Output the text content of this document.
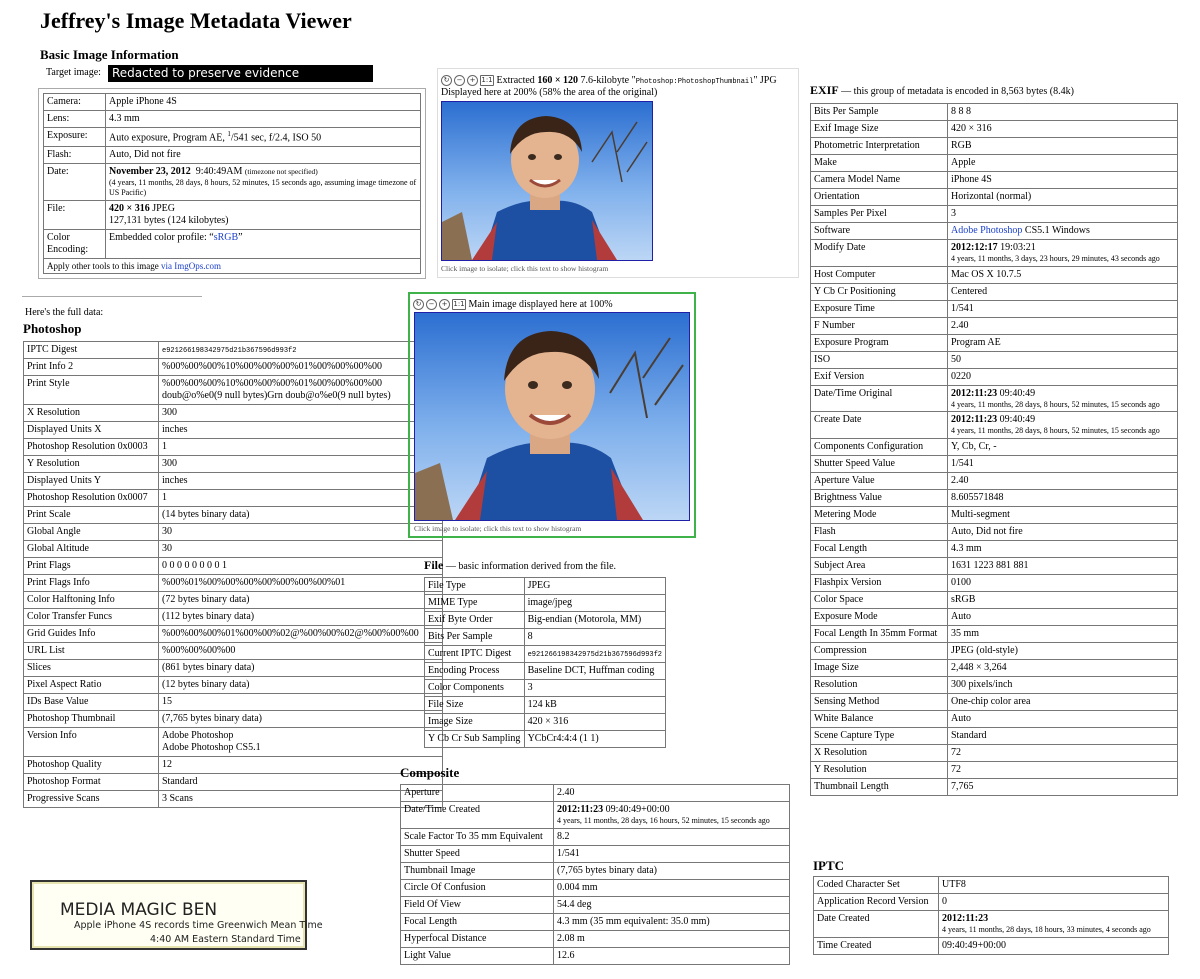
Jeffrey's Image Metadata Viewer
Basic Image Information
Target image: Redacted to preserve evidence
Camera:	Apple iPhone 4S
Lens:	4.3 mm
Exposure:	Auto exposure, Program AE, $^1$/541 sec, f/2.4, ISO 50
Flash:	Auto, Did not fire
Date:	November 23, 2012 9:40:49AM (timezone not specified)
(4 years, 11 months, 28 days, 8 hours, 52 minutes, 15 seconds ago, assuming image timezone of US Pacific)

File:	420 × 316 JPEG
127,131 bytes (124 kilobytes)
Color Encoding:	Embedded color profile: “sRGB”
Apply other tools to this image via ImgOps.com	
Here's the full data:
Photoshop
IPTC Digest	e921266198342975d21b367596d993f2
Print Info 2	%00%00%00%10%00%00%00%01%00%00%00%00
Print Style	%00%00%00%10%00%00%00%01%00%00%00%00
doub@o%e0(9 null bytes)Grn doub@o%e0(9 null bytes)
X Resolution	300
Displayed Units X	inches
Photoshop Resolution 0x0003	1
Y Resolution	300
Displayed Units Y	inches
Photoshop Resolution 0x0007	1
Print Scale	(14 bytes binary data)
Global Angle	30
Global Altitude	30
Print Flags	0 0 0 0 0 0 0 0 1
Print Flags Info	%00%01%00%00%00%00%00%00%00%01
Color Halftoning Info	(72 bytes binary data)
Color Transfer Funcs	(112 bytes binary data)
Grid Guides Info	%00%00%00%01%00%00%02@%00%00%02@%00%00%00
URL List	%00%00%00%00
Slices	(861 bytes binary data)
Pixel Aspect Ratio	(12 bytes binary data)
IDs Base Value	15
Photoshop Thumbnail	(7,765 bytes binary data)
Version Info	Adobe Photoshop
Adobe Photoshop CS5.1
Photoshop Quality	12
Photoshop Format	Standard
Progressive Scans	3 Scans
↻	−	+ 1:1 Extracted 160 × 120 7.6-kilobyte "Photoshop:PhotoshopThumbnail" JPG
Displayed here at 200% (58% the area of the original)
Click image to isolate; click this text to show histogram
↻	−	+ 1:1 Main image displayed here at 100%
Click image to isolate; click this text to show histogram
File — basic information derived from the file.
File Type	JPEG
MIME Type	image/jpeg
Exif Byte Order	Big-endian (Motorola, MM)
Bits Per Sample	8
Current IPTC Digest	e921266198342975d21b367596d993f2
Encoding Process	Baseline DCT, Huffman coding
Color Components	3
File Size	124 kB
Image Size	420 × 316
Y Cb Cr Sub Sampling	YCbCr4:4:4 (1 1)
Composite
Aperture	2.40
Date/Time Created	2012:11:23 09:40:49+00:00
4 years, 11 months, 28 days, 16 hours, 52 minutes, 15 seconds ago

Scale Factor To 35 mm Equivalent	8.2
Shutter Speed	1/541
Thumbnail Image	(7,765 bytes binary data)
Circle Of Confusion	0.004 mm
Field Of View	54.4 deg
Focal Length	4.3 mm (35 mm equivalent: 35.0 mm)
Hyperfocal Distance	2.08 m
Light Value	12.6
EXIF — this group of metadata is encoded in 8,563 bytes (8.4k)
Bits Per Sample	8 8 8
Exif Image Size	420 × 316
Photometric Interpretation	RGB
Make	Apple
Camera Model Name	iPhone 4S
Orientation	Horizontal (normal)
Samples Per Pixel	3
Software	Adobe Photoshop CS5.1 Windows
Modify Date	2012:12:17 19:03:21
4 years, 11 months, 3 days, 23 hours, 29 minutes, 43 seconds ago

Host Computer	Mac OS X 10.7.5
Y Cb Cr Positioning	Centered
Exposure Time	1/541
F Number	2.40
Exposure Program	Program AE
ISO	50
Exif Version	0220
Date/Time Original	2012:11:23 09:40:49
4 years, 11 months, 28 days, 8 hours, 52 minutes, 15 seconds ago

Create Date	2012:11:23 09:40:49
4 years, 11 months, 28 days, 8 hours, 52 minutes, 15 seconds ago

Components Configuration	Y, Cb, Cr, -
Shutter Speed Value	1/541
Aperture Value	2.40
Brightness Value	8.605571848
Metering Mode	Multi-segment
Flash	Auto, Did not fire
Focal Length	4.3 mm
Subject Area	1631 1223 881 881
Flashpix Version	0100
Color Space	sRGB
Exposure Mode	Auto
Focal Length In 35mm Format	35 mm
Compression	JPEG (old-style)
Image Size	2,448 × 3,264
Resolution	300 pixels/inch
Sensing Method	One-chip color area
White Balance	Auto
Scene Capture Type	Standard
X Resolution	72
Y Resolution	72
Thumbnail Length	7,765
IPTC
Coded Character Set	UTF8
Application Record Version	0
Date Created	2012:11:23
4 years, 11 months, 28 days, 18 hours, 33 minutes, 4 seconds ago

Time Created	09:40:49+00:00
MEDIA MAGIC BEN
Apple iPhone 4S records time Greenwich Mean Time
4:40 AM Eastern Standard Time
